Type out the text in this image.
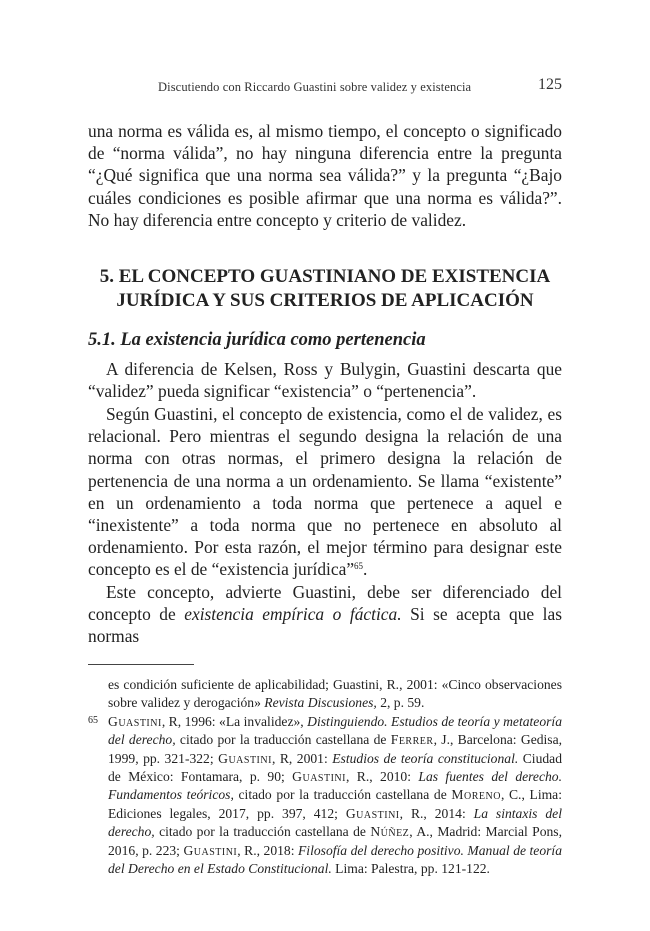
Discutiendo con Riccardo Guastini sobre validez y existencia	125

una norma es válida es, al mismo tiempo, el concepto o significado de “norma válida”, no hay ninguna diferencia entre la pregunta “¿Qué significa que una norma sea válida?” y la pregunta “¿Bajo cuáles condiciones es posible afirmar que una norma es válida?”. No hay diferencia entre concepto y criterio de validez.

5. EL CONCEPTO GUASTINIANO DE EXISTENCIA
JURÍDICA Y SUS CRITERIOS DE APLICACIÓN
5.1. La existencia jurídica como pertenencia

A diferencia de Kelsen, Ross y Bulygin, Guastini descarta que “validez” pueda significar “existencia” o “pertenencia”.

Según Guastini, el concepto de existencia, como el de validez, es relacional. Pero mientras el segundo designa la relación de una norma con otras normas, el primero designa la relación de pertenencia de una norma a un ordenamiento. Se llama “existente” en un ordenamiento a toda norma que pertenece a aquel e “inexistente” a toda norma que no pertenece en absoluto al ordenamiento. Por esta razón, el mejor término para designar este concepto es el de “existencia jurídica”$^{65}$.

Este concepto, advierte Guastini, debe ser diferenciado del concepto de existencia empírica o fáctica. Si se acepta que las normas

es condición suficiente de aplicabilidad; Guastini, R., 2001: «Cinco observaciones sobre validez y derogación» Revista Discusiones, 2, p. 59.

65 Guastini, R, 1996: «La invalidez», Distinguiendo. Estudios de teoría y metateoría del derecho, citado por la traducción castellana de Ferrer, J., Barcelona: Gedisa, 1999, pp. 321-322; Guastini, R, 2001: Estudios de teoría constitucional. Ciudad de México: Fontamara, p. 90; Guastini, R., 2010: Las fuentes del derecho. Fundamentos teóricos, citado por la traducción castellana de Moreno, C., Lima: Ediciones legales, 2017, pp. 397, 412; Guastini, R., 2014: La sintaxis del derecho, citado por la traducción castellana de Núñez, A., Madrid: Marcial Pons, 2016, p. 223; Guastini, R., 2018: Filosofía del derecho positivo. Manual de teoría del Derecho en el Estado Constitucional. Lima: Palestra, pp. 121-122.
